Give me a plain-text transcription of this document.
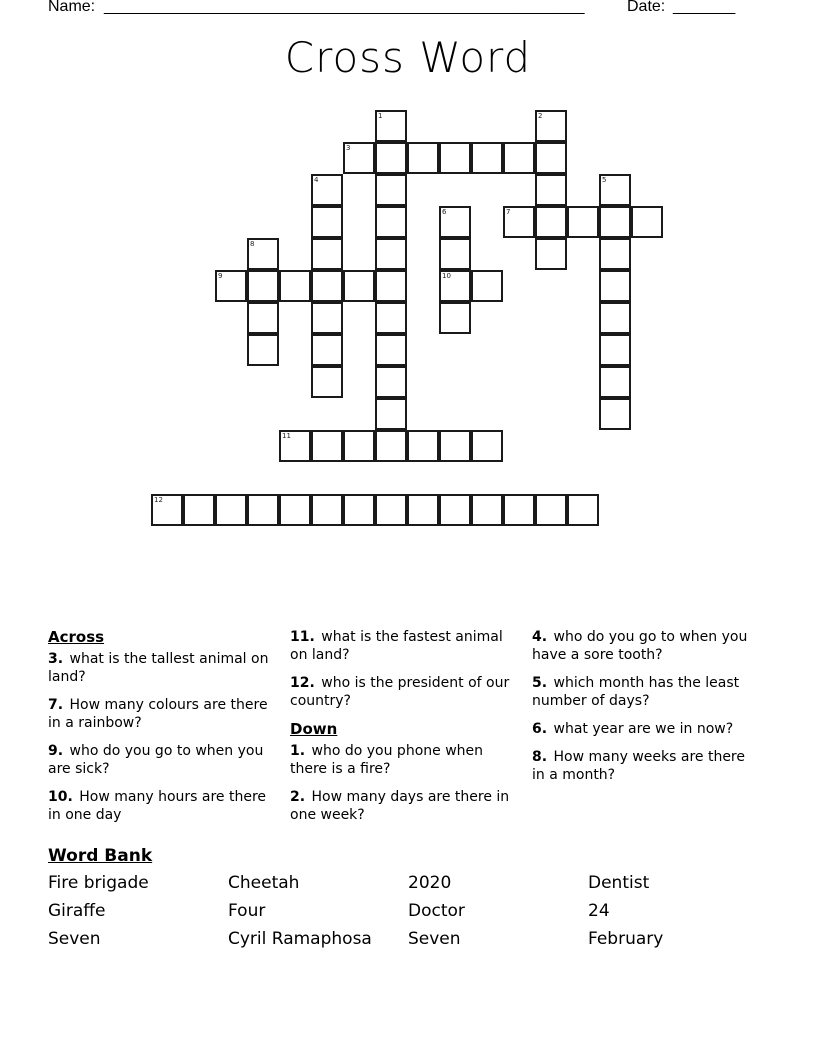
Name: ______________________________________________________	Date: _______
Cross Word
1	2
3
4	5
6
10
7
8
9
11
12
Across
3. what is the tallest animal on land?
7. How many colours are there in a rainbow?
9. who do you go to when you are sick?
10. How many hours are there in one day
11. what is the fastest animal on land?
12. who is the president of our country?
Down
1. who do you phone when there is a fire?
2. How many days are there in one week?
4. who do you go to when you have a sore tooth?
5. which month has the least number of days?
6. what year are we in now?
8. How many weeks are there in a month?
Word Bank
Fire brigade	Cheetah	2020	Dentist
Giraffe	Four	Doctor	24
Seven	Cyril Ramaphosa	Seven	February
